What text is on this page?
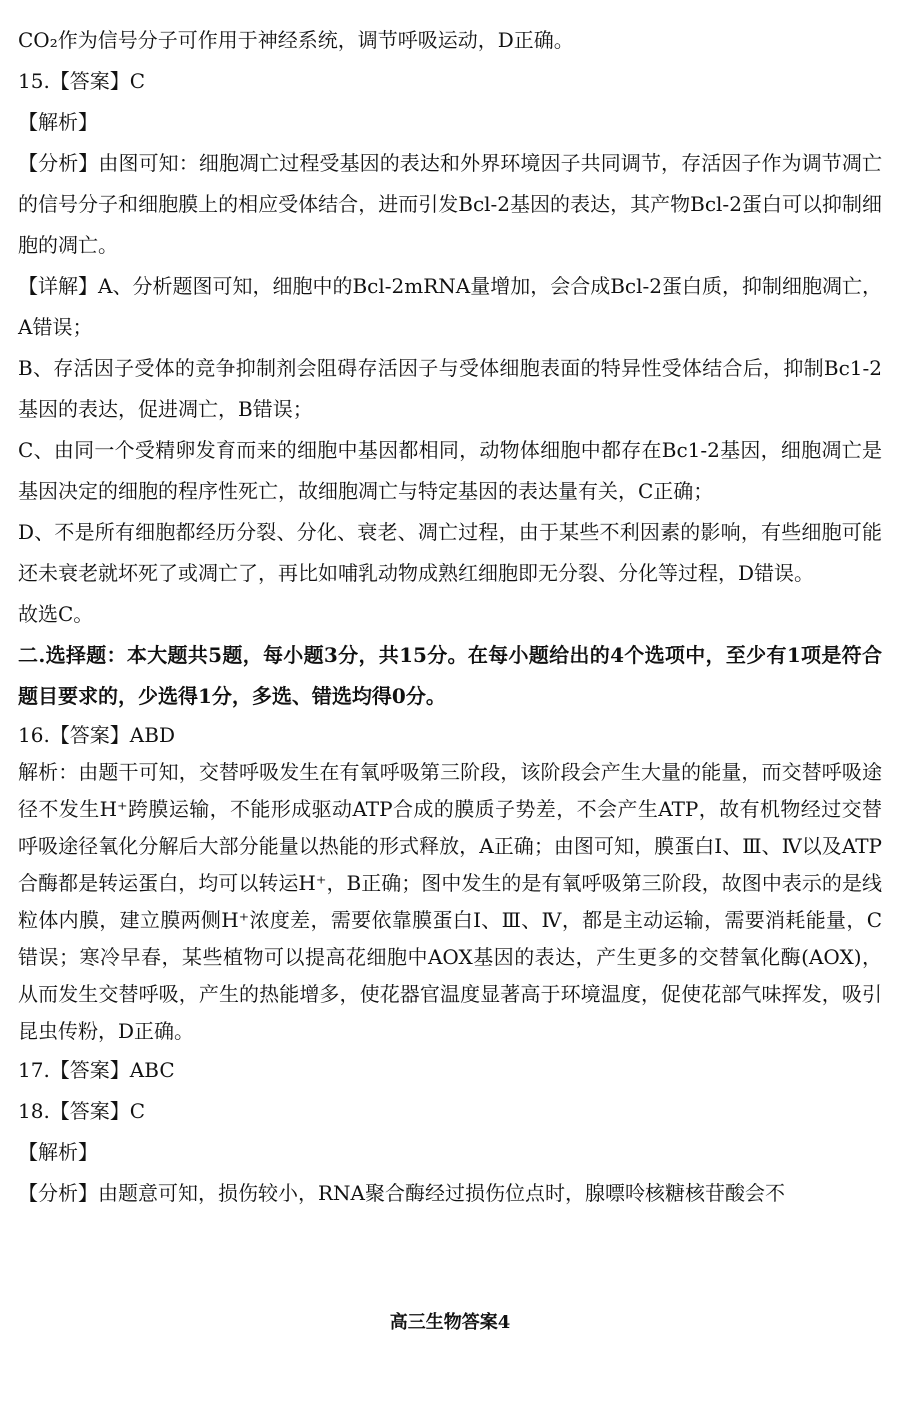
CO₂作为信号分子可作用于神经系统，调节呼吸运动，D正确。

15.【答案】C

【解析】

【分析】由图可知：细胞凋亡过程受基因的表达和外界环境因子共同调节，存活因子作为调节凋亡的信号分子和细胞膜上的相应受体结合，进而引发Bcl-2基因的表达，其产物Bcl-2蛋白可以抑制细胞的凋亡。

【详解】A、分析题图可知，细胞中的Bcl-2mRNA量增加，会合成Bcl-2蛋白质，抑制细胞凋亡，A错误；

B、存活因子受体的竞争抑制剂会阻碍存活因子与受体细胞表面的特异性受体结合后，抑制Bc1-2基因的表达，促进凋亡，B错误；

C、由同一个受精卵发育而来的细胞中基因都相同，动物体细胞中都存在Bc1-2基因，细胞凋亡是基因决定的细胞的程序性死亡，故细胞凋亡与特定基因的表达量有关，C正确；

D、不是所有细胞都经历分裂、分化、衰老、凋亡过程，由于某些不利因素的影响，有些细胞可能还未衰老就坏死了或凋亡了，再比如哺乳动物成熟红细胞即无分裂、分化等过程，D错误。

故选C。

二.选择题：本大题共5题，每小题3分，共15分。在每小题给出的4个选项中，至少有1项是符合题目要求的，少选得1分，多选、错选均得0分。

16.【答案】ABD

解析：由题干可知，交替呼吸发生在有氧呼吸第三阶段，该阶段会产生大量的能量，而交替呼吸途径不发生H⁺跨膜运输，不能形成驱动ATP合成的膜质子势差，不会产生ATP，故有机物经过交替呼吸途径氧化分解后大部分能量以热能的形式释放，A正确；由图可知，膜蛋白Ⅰ、Ⅲ、Ⅳ以及ATP合酶都是转运蛋白，均可以转运H⁺，B正确；图中发生的是有氧呼吸第三阶段，故图中表示的是线粒体内膜，建立膜两侧H⁺浓度差，需要依靠膜蛋白Ⅰ、Ⅲ、Ⅳ，都是主动运输，需要消耗能量，C错误；寒冷早春，某些植物可以提高花细胞中AOX基因的表达，产生更多的交替氧化酶(AOX)，从而发生交替呼吸，产生的热能增多，使花器官温度显著高于环境温度，促使花部气味挥发，吸引昆虫传粉，D正确。

17.【答案】ABC

18.【答案】C

【解析】

【分析】由题意可知，损伤较小，RNA聚合酶经过损伤位点时，腺嘌呤核糖核苷酸会不

高三生物答案4
